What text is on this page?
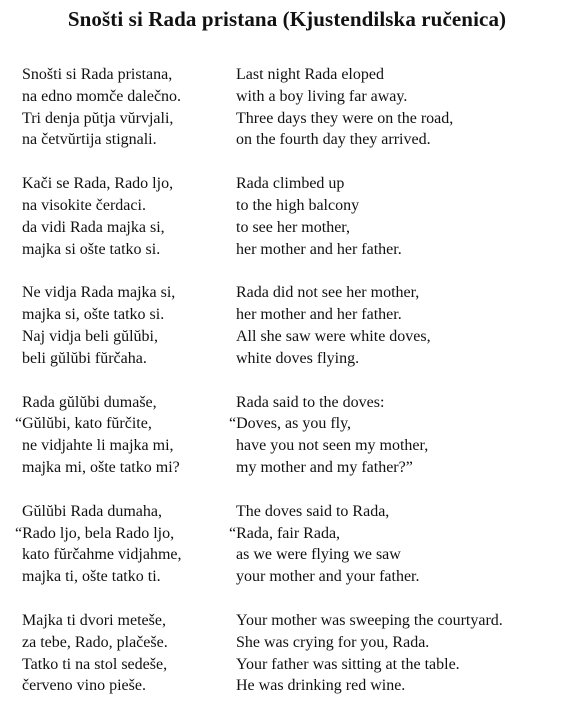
Snošti si Rada pristana (Kjustendilska ručenica)
Snošti si Rada pristana,
na edno momče dalečno.
Tri denja pŭtja vŭrvjali,
na četvŭrtija stignali.
Kači se Rada, Rado ljo,
na visokite čerdaci.
da vidi Rada majka si,
majka si ošte tatko si.
Ne vidja Rada majka si,
majka si, ošte tatko si.
Naj vidja beli gŭlŭbi,
beli gŭlŭbi fŭrčaha.
Rada gŭlŭbi dumaše,
“Gŭlŭbi, kato fŭrčite,
ne vidjahte li majka mi,
majka mi, ošte tatko mi?
Gŭlŭbi Rada dumaha,
“Rado ljo, bela Rado ljo,
kato fŭrčahme vidjahme,
majka ti, ošte tatko ti.
Majka ti dvori meteše,
za tebe, Rado, plačeše.
Tatko ti na stol sedeše,
červeno vino pieše.
Last night Rada eloped
with a boy living far away.
Three days they were on the road,
on the fourth day they arrived.
Rada climbed up
to the high balcony
to see her mother,
her mother and her father.
Rada did not see her mother,
her mother and her father.
All she saw were white doves,
white doves flying.
Rada said to the doves:
“Doves, as you fly,
have you not seen my mother,
my mother and my father?”
The doves said to Rada,
“Rada, fair Rada,
as we were flying we saw
your mother and your father.
Your mother was sweeping the courtyard.
She was crying for you, Rada.
Your father was sitting at the table.
He was drinking red wine.
